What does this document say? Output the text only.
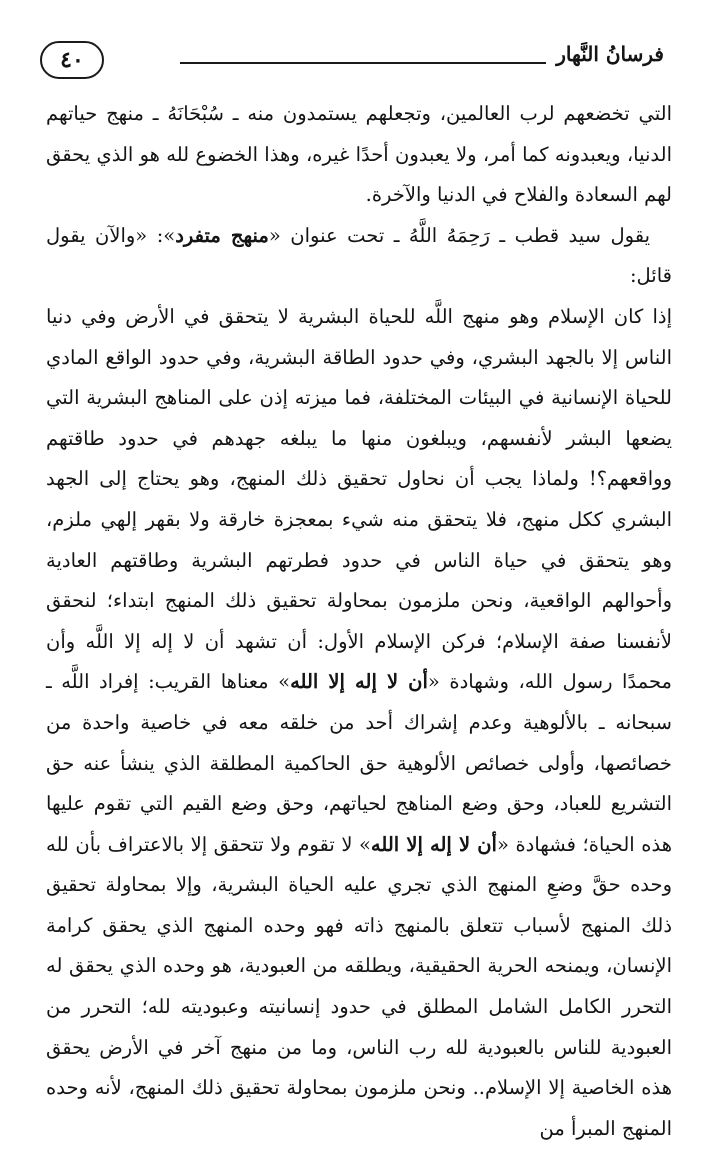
٤٠	فرسانُ النَّهار

التي تخضعهم لرب العالمين، وتجعلهم يستمدون منه ـ سُبْحَانَهُ ـ منهج حياتهم الدنيا، ويعبدونه كما أمر، ولا يعبدون أحدًا غيره، وهذا الخضوع لله هو الذي يحقق لهم السعادة والفلاح في الدنيا والآخرة.

يقول سيد قطب ـ رَحِمَهُ اللَّهُ ـ تحت عنوان «منهج متفرد»: «والآن يقول قائل:

إذا كان الإسلام وهو منهج اللَّه للحياة البشرية لا يتحقق في الأرض وفي دنيا الناس إلا بالجهد البشري، وفي حدود الطاقة البشرية، وفي حدود الواقع المادي للحياة الإنسانية في البيئات المختلفة، فما ميزته إذن على المناهج البشرية التي يضعها البشر لأنفسهم، ويبلغون منها ما يبلغه جهدهم في حدود طاقتهم وواقعهم؟! ولماذا يجب أن نحاول تحقيق ذلك المنهج، وهو يحتاج إلى الجهد البشري ككل منهج، فلا يتحقق منه شيء بمعجزة خارقة ولا بقهر إلهي ملزم، وهو يتحقق في حياة الناس في حدود فطرتهم البشرية وطاقتهم العادية وأحوالهم الواقعية، ونحن ملزمون بمحاولة تحقيق ذلك المنهج ابتداء؛ لنحقق لأنفسنا صفة الإسلام؛ فركن الإسلام الأول: أن تشهد أن لا إله إلا اللَّه وأن محمدًا رسول الله، وشهادة «أن لا إله إلا الله» معناها القريب: إفراد اللَّه ـ سبحانه ـ بالألوهية وعدم إشراك أحد من خلقه معه في خاصية واحدة من خصائصها، وأولى خصائص الألوهية حق الحاكمية المطلقة الذي ينشأ عنه حق التشريع للعباد، وحق وضع المناهج لحياتهم، وحق وضع القيم التي تقوم عليها هذه الحياة؛ فشهادة «أن لا إله إلا الله» لا تقوم ولا تتحقق إلا بالاعتراف بأن لله وحده حقَّ وضعِ المنهج الذي تجري عليه الحياة البشرية، وإلا بمحاولة تحقيق ذلك المنهج لأسباب تتعلق بالمنهج ذاته فهو وحده المنهج الذي يحقق كرامة الإنسان، ويمنحه الحرية الحقيقية، ويطلقه من العبودية، هو وحده الذي يحقق له التحرر الكامل الشامل المطلق في حدود إنسانيته وعبوديته لله؛ التحرر من العبودية للناس بالعبودية لله رب الناس، وما من منهج آخر في الأرض يحقق هذه الخاصية إلا الإسلام.. ونحن ملزمون بمحاولة تحقيق ذلك المنهج، لأنه وحده المنهج المبرأ من
